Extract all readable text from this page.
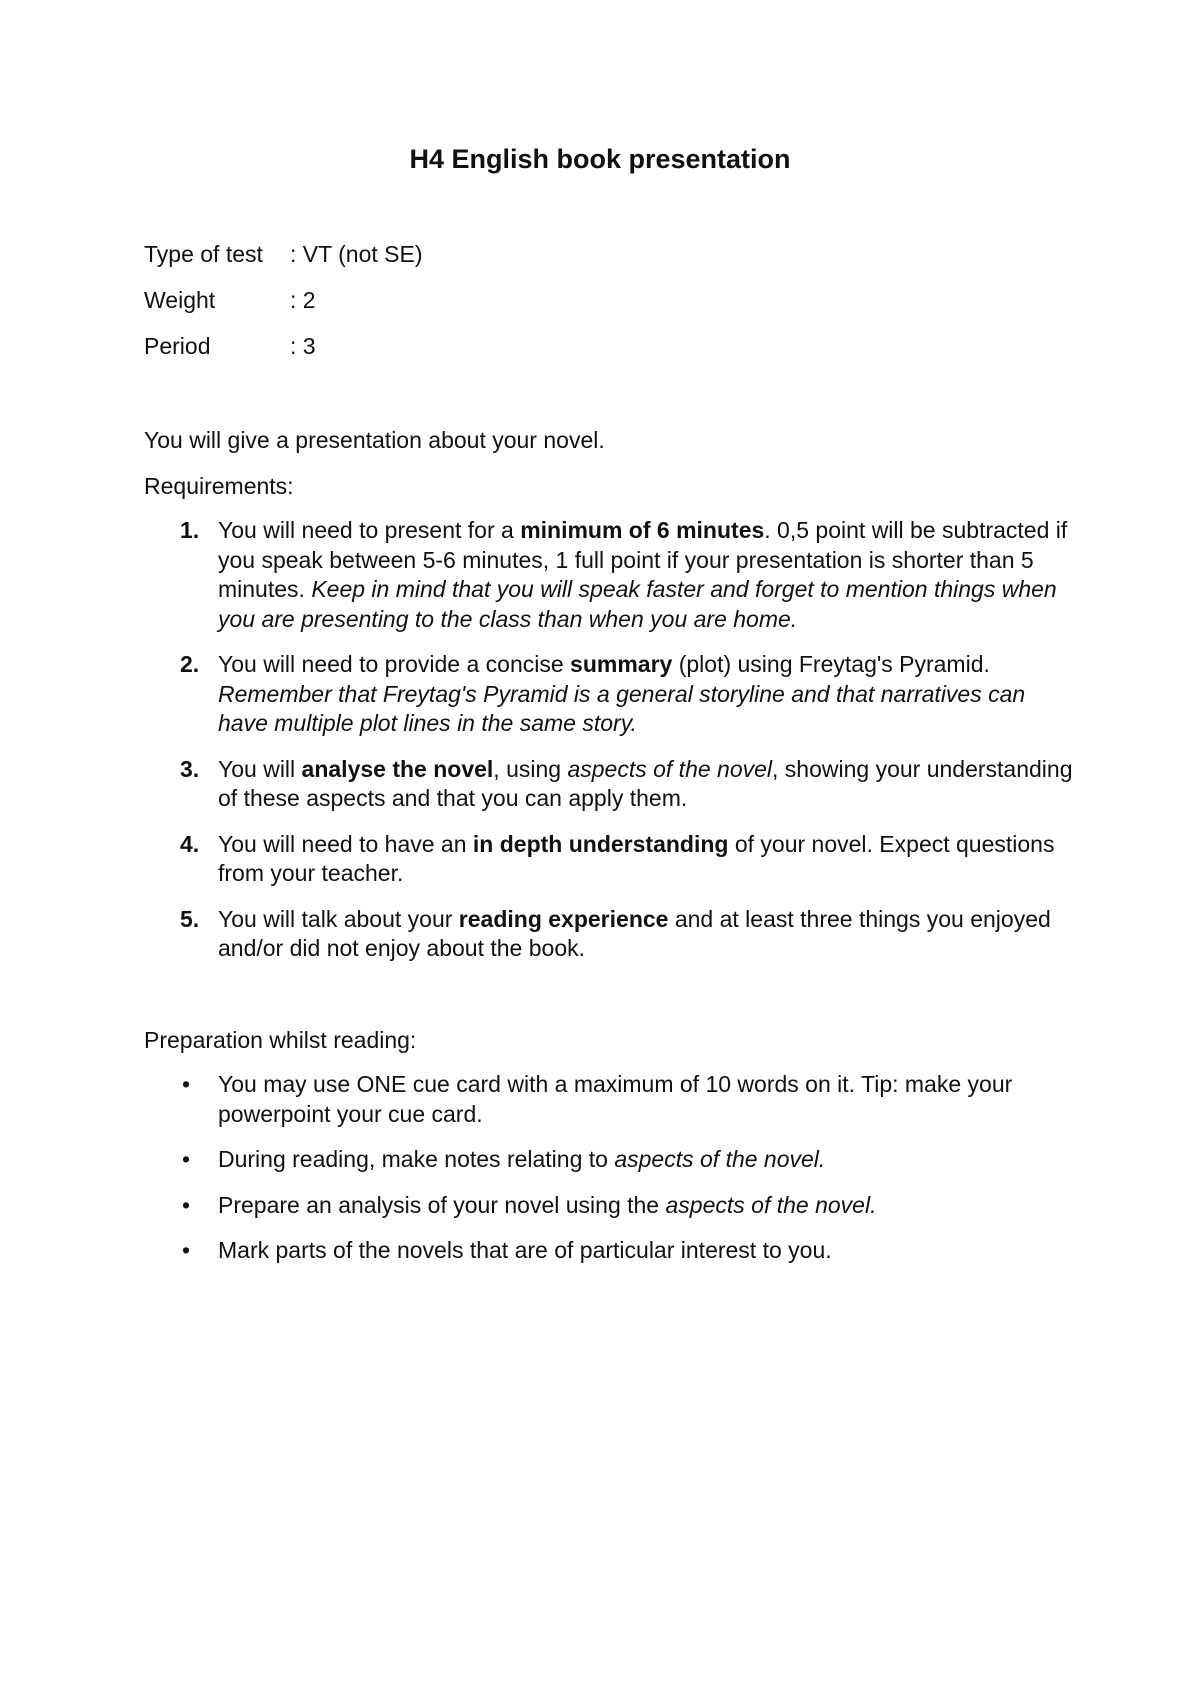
H4 English book presentation
Type of test	: VT (not SE)
Weight	: 2
Period	: 3

You will give a presentation about your novel.

Requirements:

1. You will need to present for a minimum of 6 minutes. 0,5 point will be subtracted if you speak between 5-6 minutes, 1 full point if your presentation is shorter than 5 minutes. Keep in mind that you will speak faster and forget to mention things when you are presenting to the class than when you are home.
2. You will need to provide a concise summary (plot) using Freytag's Pyramid. Remember that Freytag's Pyramid is a general storyline and that narratives can have multiple plot lines in the same story.
3. You will analyse the novel, using aspects of the novel, showing your understanding of these aspects and that you can apply them.
4. You will need to have an in depth understanding of your novel. Expect questions from your teacher.
5. You will talk about your reading experience and at least three things you enjoyed and/or did not enjoy about the book.

Preparation whilst reading:

• You may use ONE cue card with a maximum of 10 words on it. Tip: make your powerpoint your cue card.
• During reading, make notes relating to aspects of the novel.
• Prepare an analysis of your novel using the aspects of the novel.
• Mark parts of the novels that are of particular interest to you.
